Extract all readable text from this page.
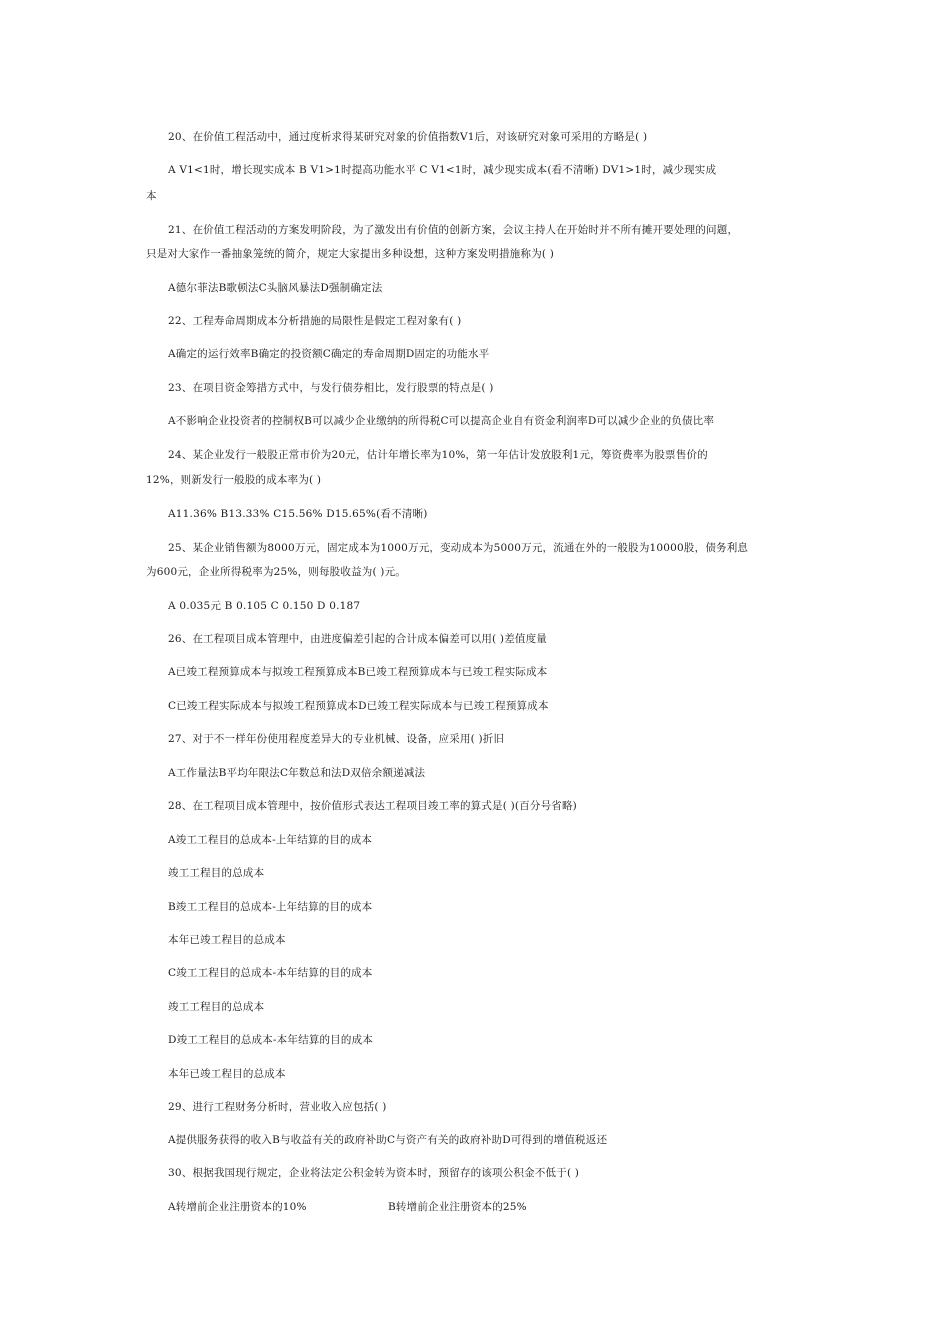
20、在价值工程活动中，通过度析求得某研究对象的价值指数V1后，对该研究对象可采用的方略是( )
A V1<1时，增长现实成本 B V1>1时提高功能水平 C V1<1时，减少现实成本(看不清晰) DV1>1时，减少现实成
本
21、在价值工程活动的方案发明阶段，为了激发出有价值的创新方案，会议主持人在开始时并不所有摊开要处理的问题，
只是对大家作一番抽象笼统的简介，规定大家提出多种设想，这种方案发明措施称为( )
A德尔菲法B歌顿法C头脑风暴法D强制确定法
22、工程寿命周期成本分析措施的局限性是假定工程对象有( )
A确定的运行效率B确定的投资额C确定的寿命周期D固定的功能水平
23、在项目资金筹措方式中，与发行债券相比，发行股票的特点是( )
A不影响企业投资者的控制权B可以减少企业缴纳的所得税C可以提高企业自有资金利润率D可以减少企业的负债比率
24、某企业发行一般股正常市价为20元，估计年增长率为10%，第一年估计发放股利1元，筹资费率为股票售价的
12%，则新发行一般股的成本率为( )
A11.36% B13.33% C15.56% D15.65%(看不清晰)
25、某企业销售额为8000万元，固定成本为1000万元，变动成本为5000万元，流通在外的一般股为10000股，债务利息
为600元，企业所得税率为25%，则每股收益为( )元。
A 0.035元 B 0.105 C 0.150 D 0.187
26、在工程项目成本管理中，由进度偏差引起的合计成本偏差可以用( )差值度量
A已竣工程预算成本与拟竣工程预算成本B已竣工程预算成本与已竣工程实际成本
C已竣工程实际成本与拟竣工程预算成本D已竣工程实际成本与已竣工程预算成本
27、对于不一样年份使用程度差异大的专业机械、设备，应采用( )折旧
A工作量法B平均年限法C年数总和法D双倍余额递减法
28、在工程项目成本管理中，按价值形式表达工程项目竣工率的算式是( )(百分号省略)
A竣工工程目的总成本-上年结算的目的成本
竣工工程目的总成本
B竣工工程目的总成本-上年结算的目的成本
本年已竣工程目的总成本
C竣工工程目的总成本-本年结算的目的成本
竣工工程目的总成本
D竣工工程目的总成本-本年结算的目的成本
本年已竣工程目的总成本
29、进行工程财务分析时，营业收入应包括( )
A提供服务获得的收入B与收益有关的政府补助C与资产有关的政府补助D可得到的增值税返还
30、根据我国现行规定，企业将法定公积金转为资本时，预留存的该项公积金不低于( )
A转增前企业注册资本的10%	B转增前企业注册资本的25%
